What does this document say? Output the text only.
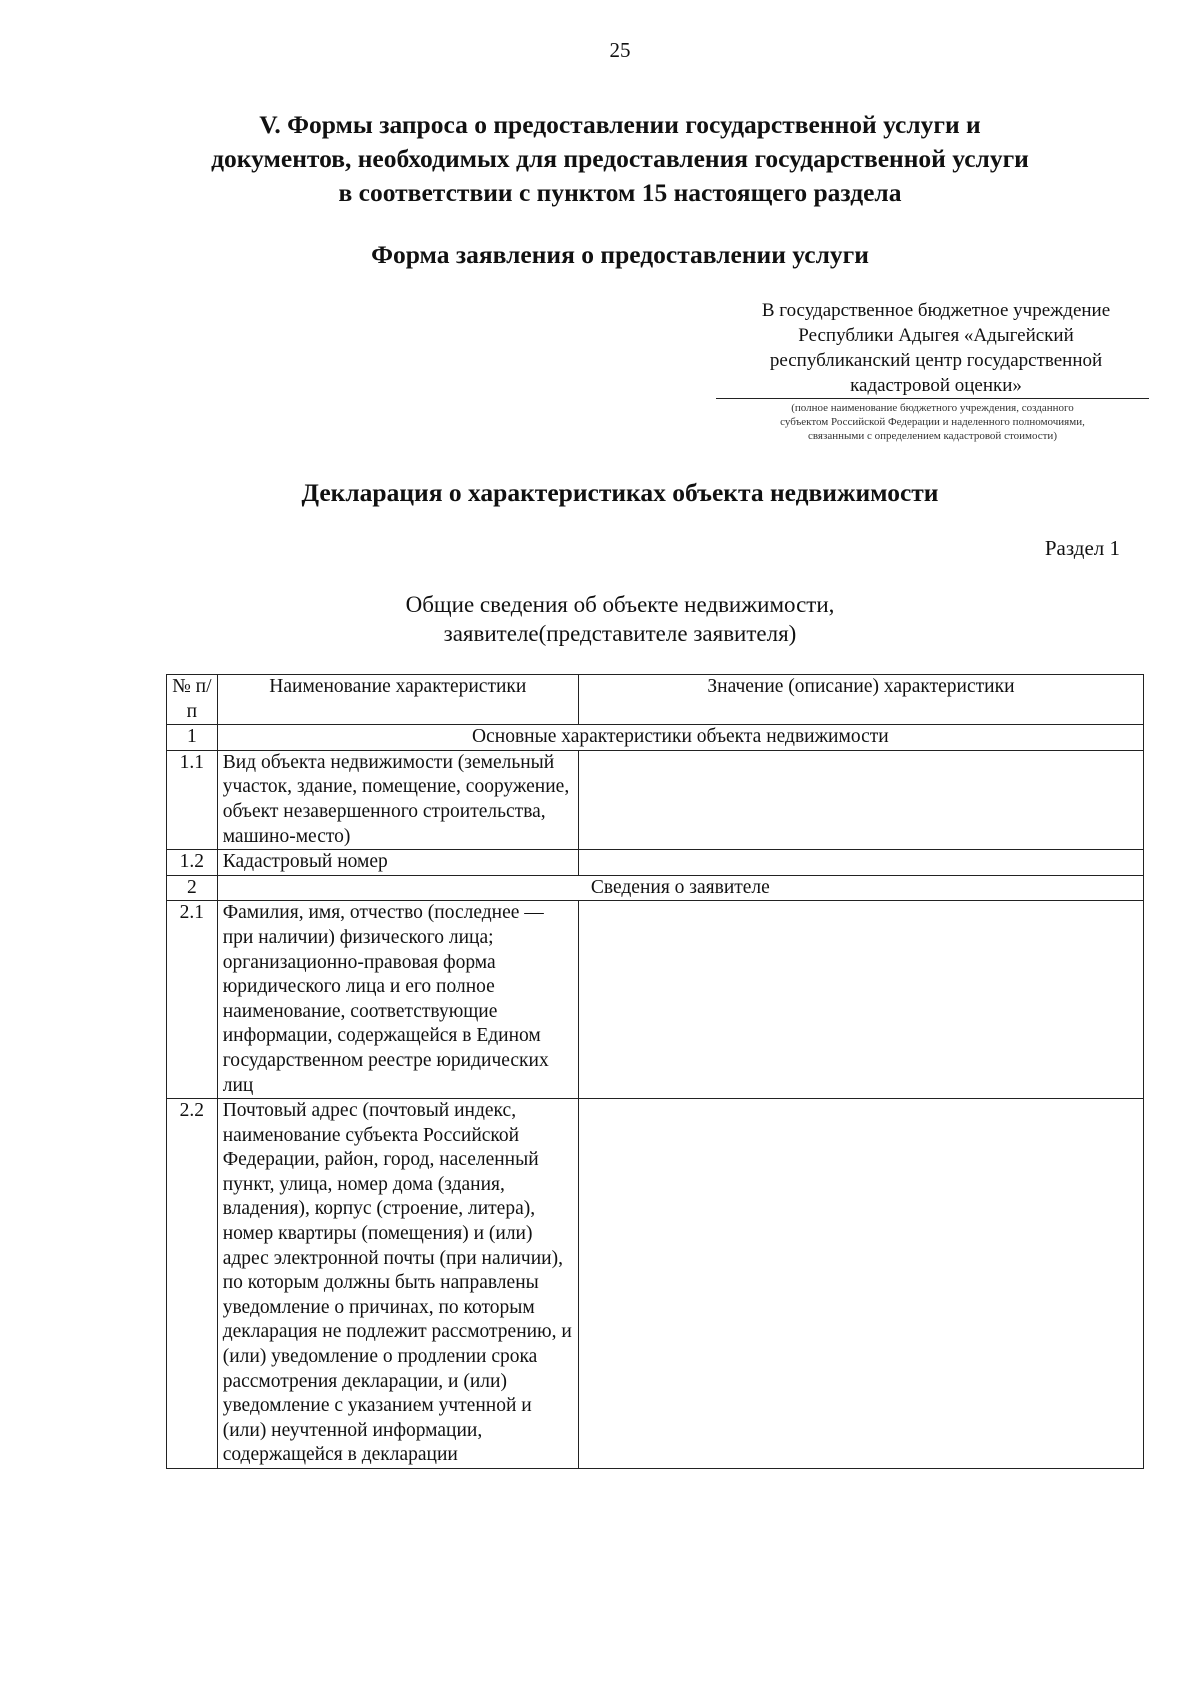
25
V. Формы запроса о предоставлении государственной услуги и
документов, необходимых для предоставления государственной услуги
в соответствии с пунктом 15 настоящего раздела
Форма заявления о предоставлении услуги
В государственное бюджетное учреждение
Республики Адыгея «Адыгейский
республиканский центр государственной
кадастровой оценки»
(полное наименование бюджетного учреждения, созданного
субъектом Российской Федерации и наделенного полномочиями,
связанными с определением кадастровой стоимости)
Декларация о характеристиках объекта недвижимости
Раздел 1
Общие сведения об объекте недвижимости,
заявителе(представителе заявителя)
№ п/п	Наименование характеристики	Значение (описание) характеристики
1	Основные характеристики объекта недвижимости	
1.1	Вид объекта недвижимости (земельный участок, здание, помещение, сооружение, объект незавершенного строительства, машино-место)	
1.2	Кадастровый номер	
2	Сведения о заявителе	
2.1	Фамилия, имя, отчество (последнее — при наличии) физического лица; организационно-правовая форма юридического лица и его полное наименование, соответствующие информации, содержащейся в Едином государственном реестре юридических лиц	
2.2	Почтовый адрес (почтовый индекс, наименование субъекта Российской Федерации, район, город, населенный пункт, улица, номер дома (здания, владения), корпус (строение, литера), номер квартиры (помещения) и (или) адрес электронной почты (при наличии), по которым должны быть направлены уведомление о причинах, по которым декларация не подлежит рассмотрению, и (или) уведомление о продлении срока рассмотрения декларации, и (или) уведомление с указанием учтенной и (или) неучтенной информации, содержащейся в декларации	
